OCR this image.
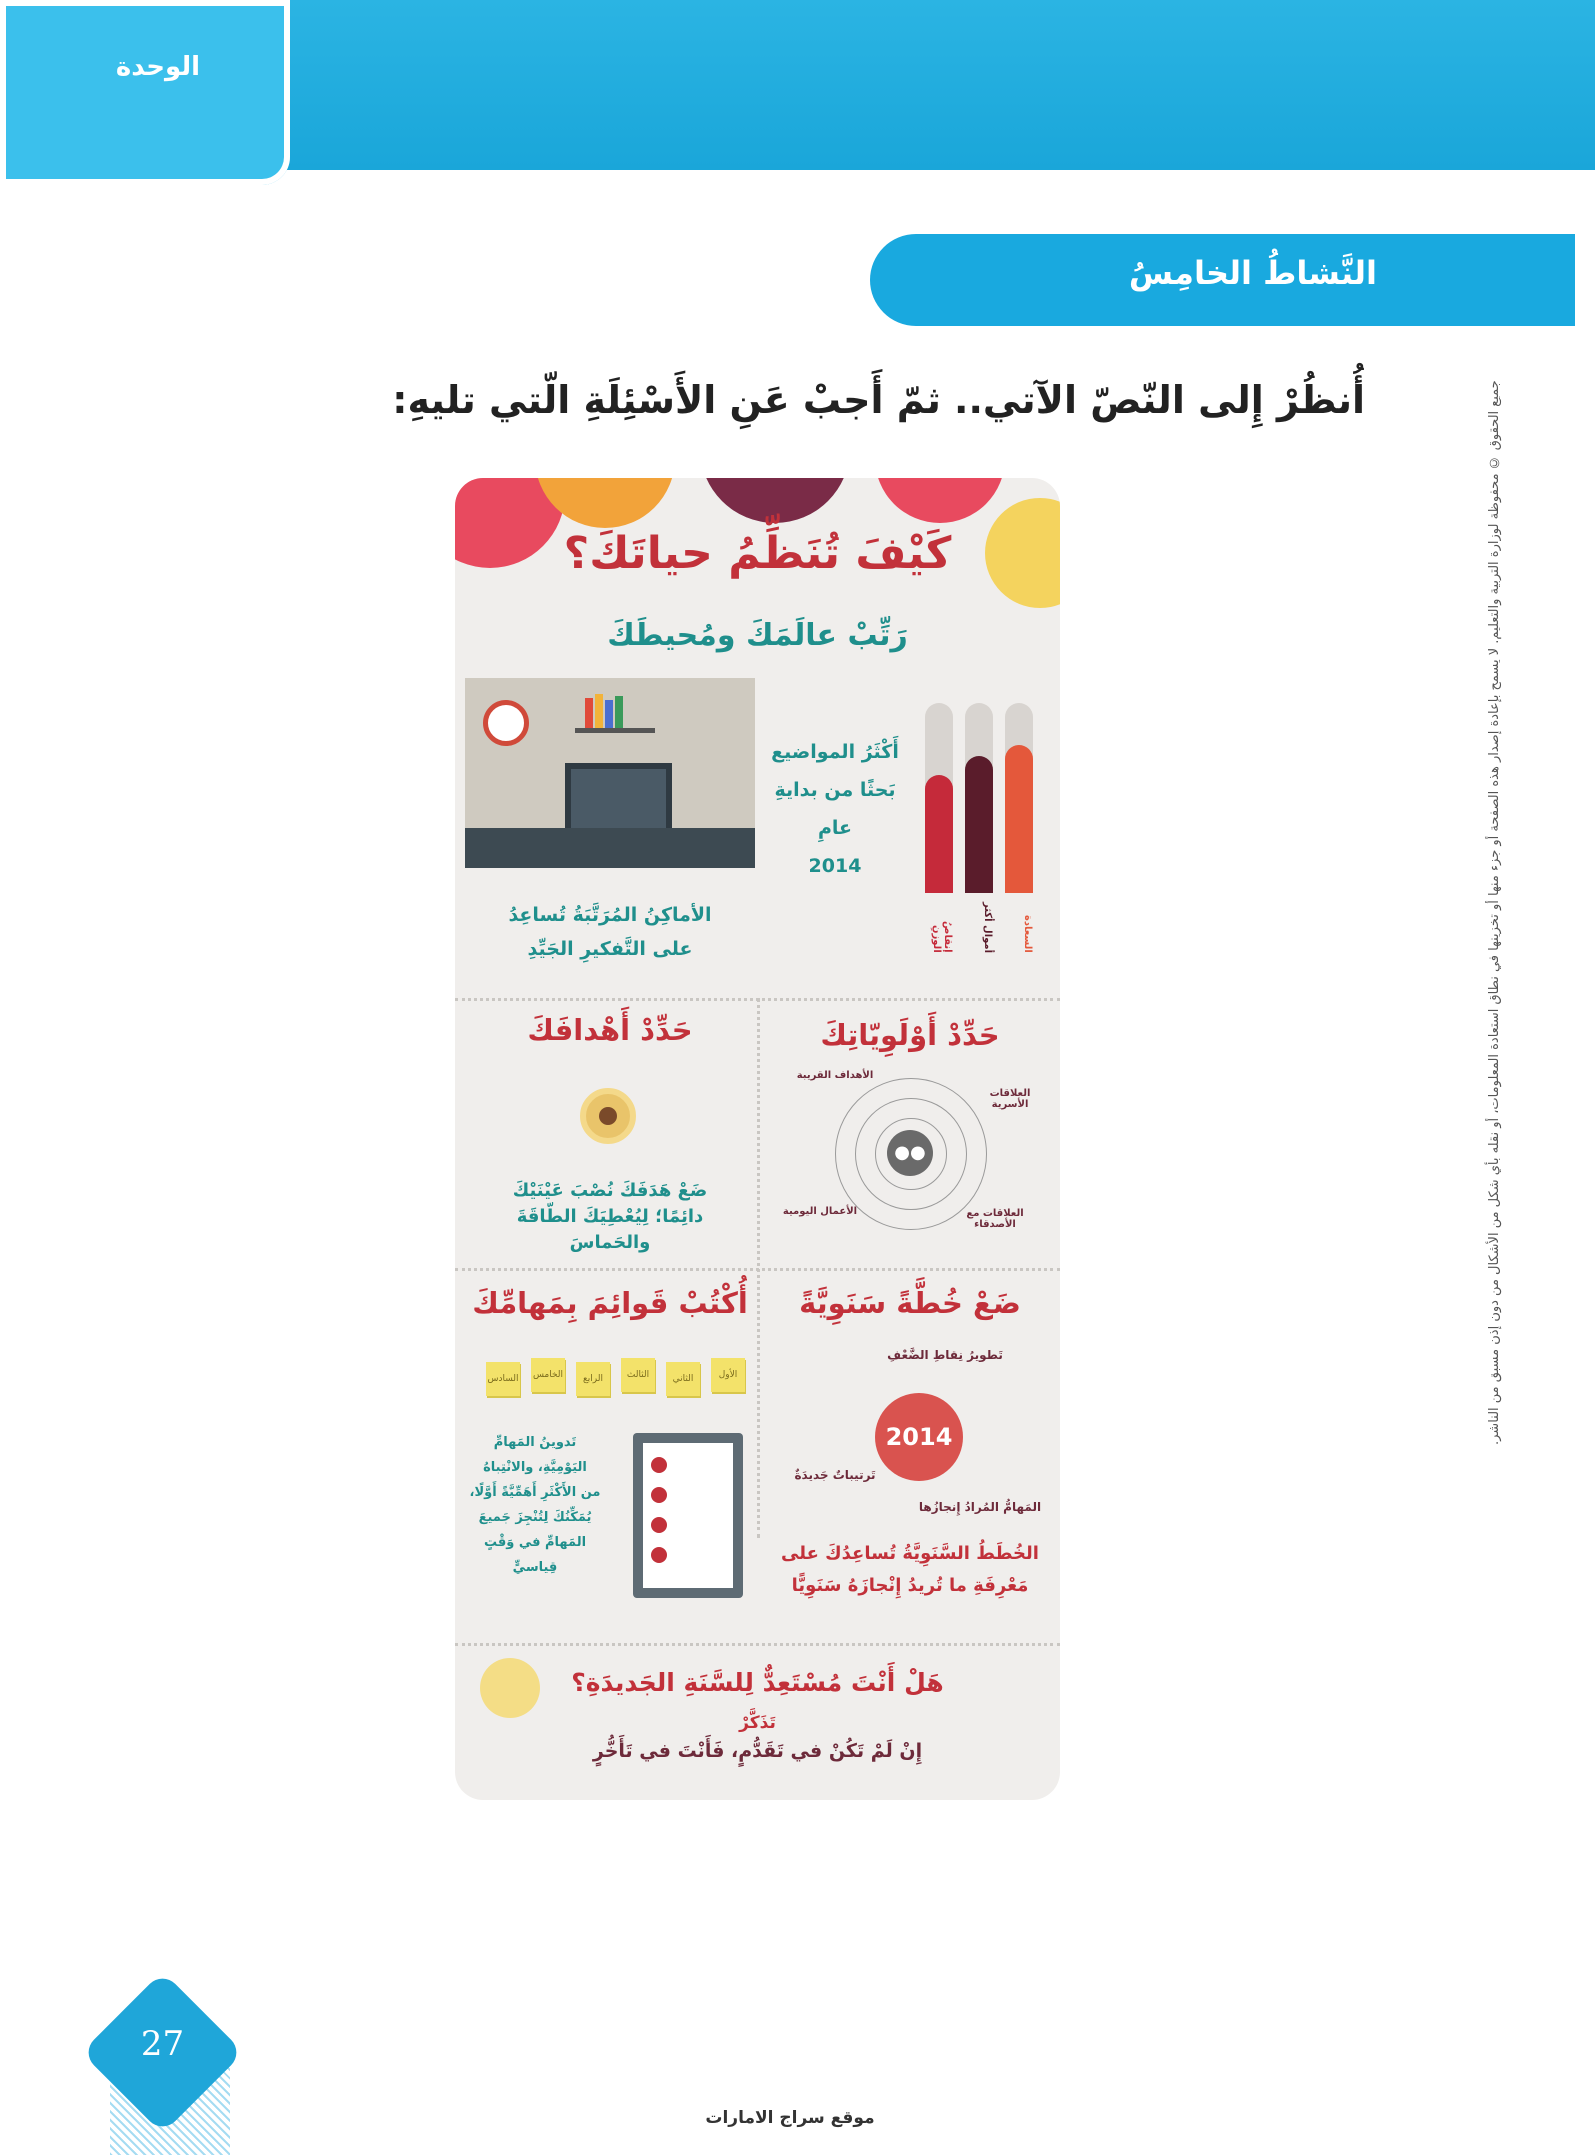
الوحدة
النَّشاطُ الخامِسُ
أُنظُرْ إِلى النّصّ الآتي.. ثمّ أَجبْ عَنِ الأَسْئِلَةِ الّتي تليهِ:	جميع الحقوق © محفوظة لوزارة التربية والتعليم. لا يسمح بإعادة إصدار هذه الصفحة أو جزء منها أو تخزينها في نطاق استعادة المعلومات، أو نقله بأي شكل من الأشكال من دون إذن مسبق من الناشر.
كَيْفَ تُنَظِّمُ حياتَكَ؟
رَتِّبْ عالَمَكَ ومُحيطَكَ
أَكْثَرُ المواضيع
بَحثًا من بدايةِ
عامِ
2014
إنقاصُ الوزنِ	أموال أكثر	السعادة
الأماكِنُ المُرَتَّبَةُ تُساعِدُ
على التَّفكيرِ الجَيِّدِ
حَدِّدْ أَوْلَوِيّاتِكَ
●●
الأهداف القريبة
العلاقات الأسرية
العلاقات مع الأصدقاء
الأعمال اليومية
حَدِّدْ أَهْدافَكَ
ضَعْ هَدَفَكَ نُصْبَ عَيْنَيْكَ
دائِمًا؛ لِيُعْطِيَكَ الطّاقَةَ
والحَماسَ
ضَعْ خُطَّةً سَنَوِيَّةً
تَطويرُ نِقاطِ الضَّعْفِ
2014
تَرتيباتٌ جَديدَةٌ
المَهامُّ المُرادُ إِنجازُها
الخُطَطُ السَّنَوِيَّةُ تُساعِدُكَ على
مَعْرِفَةِ ما تُريدُ إِنْجازَهُ سَنَوِيًّا
أُكْتُبْ قَوائِمَ بِمَهامِّكَ
الأول
الثاني
الثالث
الرابع
الخامس
السادس
تَدوينُ المَهامِّ
اليَوْمِيَّةِ، والانْتِباهُ
من الأَكْثَرِ أَهَمِّيَّةً أَوَّلًا،
يُمَكِّنُكَ لِتُنْجِزَ جَميعَ
المَهامِّ في وَقْتٍ
قِياسيٍّ
هَلْ أَنْتَ مُسْتَعِدٌّ لِلسَّنَةِ الجَديدَةِ؟
تَذَكَّرْ
إِنْ لَمْ تَكُنْ في تَقَدُّمٍ، فَأَنْتَ في تَأَخُّرٍ
27
موقع سراج الامارات
